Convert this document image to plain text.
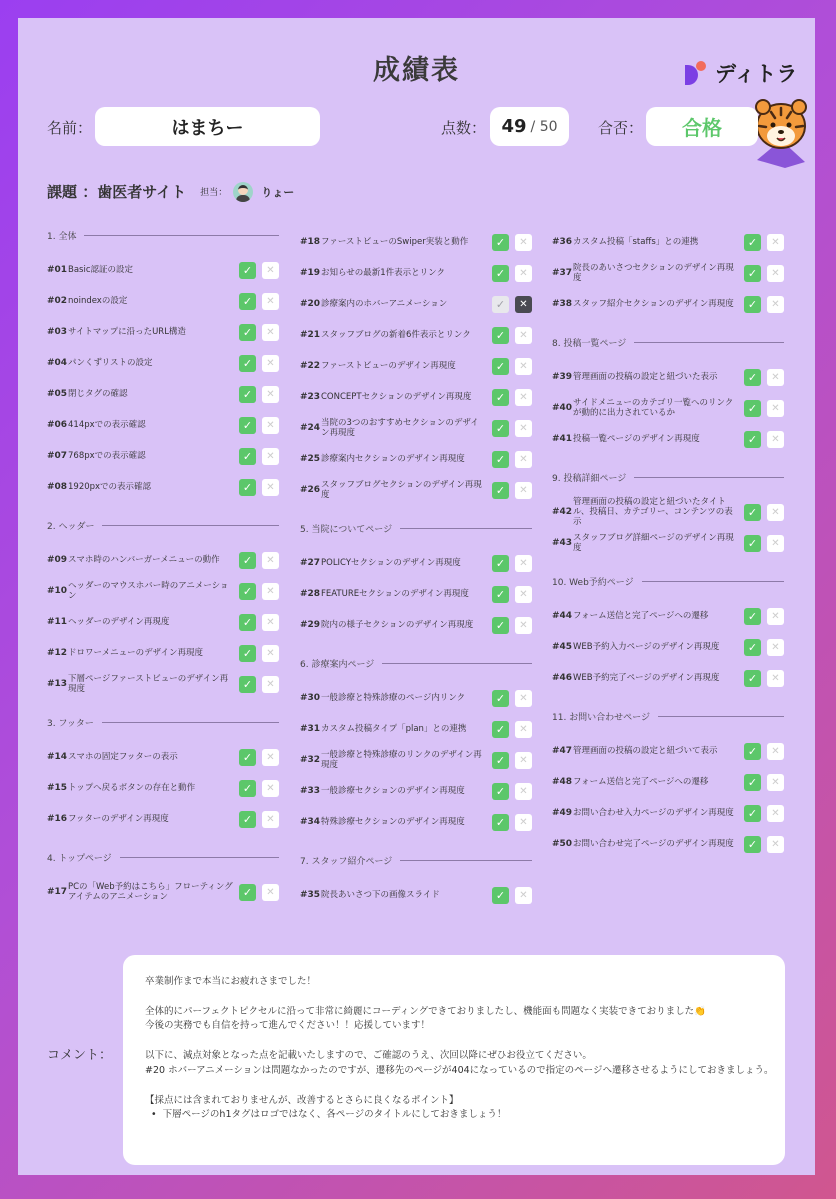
成績表	ディトラ
名前：	はまちー	点数： 49 / 50	合否：	合格
課題 ：歯医者サイト 担当：	りょー
1. 全体
#01 Basic認証の設定	✓	✕
#02 noindexの設定	✓	✕
#03 サイトマップに沿ったURL構造	✓	✕
#04 パンくずリストの設定	✓	✕
#05 閉じタグの確認	✓	✕
#06 414pxでの表示確認	✓	✕
#07 768pxでの表示確認	✓	✕
#08 1920pxでの表示確認	✓	✕
2. ヘッダー
#09 スマホ時のハンバーガーメニューの動作	✓	✕
#10
ヘッダーのマウスホバー時のアニメーション	✓	✕
#11 ヘッダーのデザイン再現度	✓	✕
#12 ドロワーメニューのデザイン再現度	✓	✕
#13
下層ページファーストビューのデザイン再現度	✓	✕
3. フッター
#14 スマホの固定フッターの表示	✓	✕
#15 トップへ戻るボタンの存在と動作	✓	✕
#16 フッターのデザイン再現度	✓	✕
4. トップページ
#17
PCの「Web予約はこちら」フローティングアイテムのアニメーション	✓	✕
#18 ファーストビューのSwiper実装と動作	✓	✕
#19 お知らせの最新1件表示とリンク	✓	✕
#20 診療案内のホバーアニメーション	✓	✕
#21 スタッフブログの新着6件表示とリンク	✓	✕
#22 ファーストビューのデザイン再現度	✓	✕
#23 CONCEPTセクションのデザイン再現度	✓	✕
#24
当院の3つのおすすめセクションのデザイン再現度	✓	✕
#25 診療案内セクションのデザイン再現度	✓	✕
#26
スタッフブログセクションのデザイン再現度	✓	✕
5. 当院についてページ
#27 POLICYセクションのデザイン再現度	✓	✕
#28 FEATUREセクションのデザイン再現度	✓	✕
#29 院内の様子セクションのデザイン再現度	✓	✕
6. 診療案内ページ
#30 一般診療と特殊診療のページ内リンク	✓	✕
#31 カスタム投稿タイプ「plan」との連携	✓	✕
#32
一般診療と特殊診療のリンクのデザイン再現度	✓	✕
#33 一般診療セクションのデザイン再現度	✓	✕
#34 特殊診療セクションのデザイン再現度	✓	✕
7. スタッフ紹介ページ
#35 院長あいさつ下の画像スライド	✓	✕
#36 カスタム投稿「staffs」との連携	✓	✕
#37
院長のあいさつセクションのデザイン再現度	✓	✕
#38 スタッフ紹介セクションのデザイン再現度	✓	✕
8. 投稿一覧ページ
#39 管理画面の投稿の設定と紐づいた表示	✓	✕
#40
サイドメニューのカテゴリ一覧へのリンクが動的に出力されているか	✓	✕
#41 投稿一覧ページのデザイン再現度	✓	✕
9. 投稿詳細ページ
#42
管理画面の投稿の設定と紐づいたタイトル、投稿日、カテゴリー、コンテンツの表示
✓	✕
#43
スタッフブログ詳細ページのデザイン再現度	✓	✕
10. Web予約ページ
#44 フォーム送信と完了ページへの遷移	✓	✕
#45 WEB予約入力ページのデザイン再現度	✓	✕
#46 WEB予約完了ページのデザイン再現度	✓	✕
11. お問い合わせページ
#47 管理画面の投稿の設定と紐づいて表示	✓	✕
#48 フォーム送信と完了ページへの遷移	✓	✕
#49 お問い合わせ入力ページのデザイン再現度	✓	✕
#50 お問い合わせ完了ページのデザイン再現度	✓	✕
コメント：

卒業制作まで本当にお疲れさまでした！

全体的にパーフェクトピクセルに沿って非常に綺麗にコーディングできておりましたし、機能面も問題なく実装できておりました👏

今後の実務でも自信を持って進んでください！！応援しています！

以下に、減点対象となった点を記載いたしますので、ご確認のうえ、次回以降にぜひお役立てください。

#20 ホバーアニメーションは問題なかったのですが、遷移先のページが404になっているので指定のページへ遷移させるようにしておきましょう。

【採点には含まれておりませんが、改善するとさらに良くなるポイント】

• 下層ページのh1タグはロゴではなく、各ページのタイトルにしておきましょう！
